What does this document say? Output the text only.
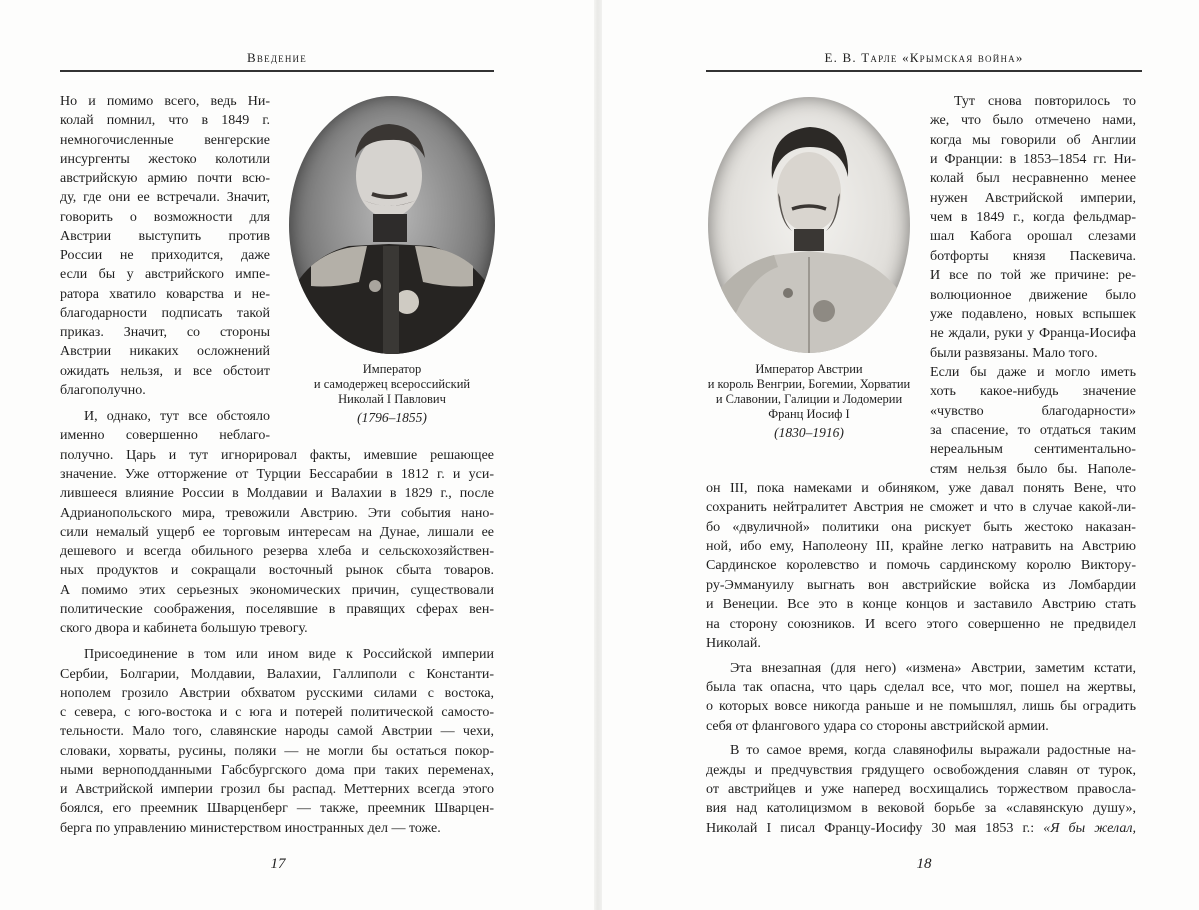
Введение
Император
и самодержец всероссийский
Николай I Павлович
(1796–1855)
Но и помимо всего, ведь Ни-
колай помнил, что в 1849 г.
немногочисленные венгерские
инсургенты жестоко колотили
австрийскую армию почти всю-
ду, где они ее встречали. Значит,
говорить о возможности для
Австрии выступить против
России не приходится, даже
если бы у австрийского импе-
ратора хватило коварства и не-
благодарности подписать такой
приказ. Значит, со стороны
Австрии никаких осложнений
ожидать нельзя, и все обстоит
благополучно.
И, однако, тут все обстояло
именно совершенно неблаго-
получно. Царь и тут игнорировал факты, имевшие решающее
значение. Уже отторжение от Турции Бессарабии в 1812 г. и уси-
лившееся влияние России в Молдавии и Валахии в 1829 г., после
Адрианопольского мира, тревожили Австрию. Эти события нано-
сили немалый ущерб ее торговым интересам на Дунае, лишали ее
дешевого и всегда обильного резерва хлеба и сельскохозяйствен-
ных продуктов и сокращали восточный рынок сбыта товаров.
А помимо этих серьезных экономических причин, существовали
политические соображения, поселявшие в правящих сферах вен-
ского двора и кабинета большую тревогу.
Присоединение в том или ином виде к Российской империи
Сербии, Болгарии, Молдавии, Валахии, Галлиполи с Константи-
нополем грозило Австрии обхватом русскими силами с востока,
с севера, с юго-востока и с юга и потерей политической самосто-
тельности. Мало того, славянские народы самой Австрии — чехи,
словаки, хорваты, русины, поляки — не могли бы остаться покор-
17
ными верноподданными Габсбургского дома при таких переменах,
и Австрийской империи грозил бы распад. Меттерних всегда этого
боялся, его преемник Шварценберг — также, преемник Шварцен-
берга по управлению министерством иностранных дел — тоже.
Е. В. Тарле «Крымская война»
Император Австрии
и король Венгрии, Богемии, Хорватии
и Славонии, Галиции и Лодомерии
Франц Иосиф I
(1830–1916)
Тут снова повторилось то
же, что было отмечено нами,
когда мы говорили об Англии
и Франции: в 1853–1854 гг. Ни-
колай был несравненно менее
нужен Австрийской империи,
чем в 1849 г., когда фельдмар-
шал Кабога орошал слезами
ботфорты князя Паскевича.
И все по той же причине: ре-
волюционное движение было
уже подавлено, новых вспышек
не ждали, руки у Франца-Иосифа
были развязаны. Мало того.
Если бы даже и могло иметь
хоть какое-нибудь значение
«чувство благодарности»
за спасение, то отдаться таким
нереальным сентиментально-
стям нельзя было бы. Наполе-
он III, пока намеками и обиняком, уже давал понять Вене, что
сохранить нейтралитет Австрия не сможет и что в случае какой-ли-
бо «двуличной» политики она рискует быть жестоко наказан-
ной, ибо ему, Наполеону III, крайне легко натравить на Австрию
Сардинское королевство и помочь сардинскому королю Виктору-
ру-Эммануилу выгнать вон австрийские войска из Ломбардии
и Венеции. Все это в конце концов и заставило Австрию стать
на сторону союзников. И всего этого совершенно не предвидел
Николай.
Эта внезапная (для него) «измена» Австрии, заметим кстати,
была так опасна, что царь сделал все, что мог, пошел на жертвы,
о которых вовсе никогда раньше и не помышлял, лишь бы оградить
себя от флангового удара со стороны австрийской армии.
18
В то самое время, когда славянофилы выражали радостные на-
дежды и предчувствия грядущего освобождения славян от турок,
от австрийцев и уже наперед восхищались торжеством правосла-
вия над католицизмом в вековой борьбе за «славянскую душу»,
Николай I писал Францу-Иосифу 30 мая 1853 г.: «Я бы желал,
